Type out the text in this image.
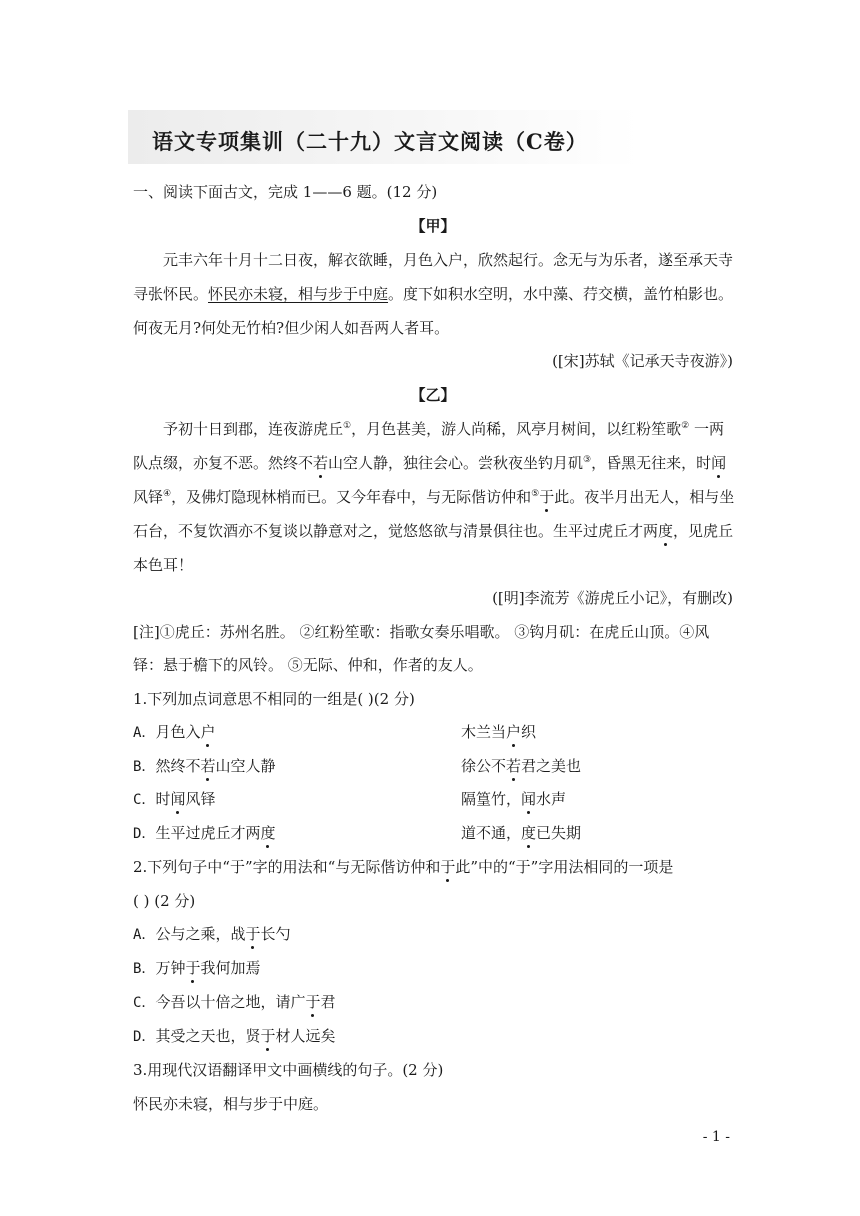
语文专项集训（二十九）文言文阅读（C卷）
一、阅读下面古文，完成 1——6 题。(12 分)
【甲】
元丰六年十月十二日夜，解衣欲睡，月色入户，欣然起行。念无与为乐者，遂至承天寺
寻张怀民。怀民亦未寝，相与步于中庭。度下如积水空明，水中藻、荇交横，盖竹柏影也。
何夜无月?何处无竹柏?但少闲人如吾两人者耳。
([宋]苏轼《记承天寺夜游》)
【乙】
予初十日到郡，连夜游虎丘①，月色甚美，游人尚稀，风亭月树间，以红粉笙歌② 一两
队点缀，亦复不恶。然终不若山空人静，独往会心。尝秋夜坐钓月矶③，昏黑无往来，时闻
风铎④，及佛灯隐现林梢而已。又今年春中，与无际偕访仲和⑤于此。夜半月出无人，相与坐
石台，不复饮酒亦不复谈以静意对之，觉悠悠欲与清景俱往也。生平过虎丘才两度，见虎丘
本色耳！
([明]李流芳《游虎丘小记》，有删改)
[注]①虎丘：苏州名胜。 ②红粉笙歌：指歌女奏乐唱歌。 ③钩月矶：在虎丘山顶。④风
铎：悬于檐下的风铃。 ⑤无际、仲和，作者的友人。
1.下列加点词意思不相同的一组是( )(2 分)
A．月色入户	木兰当户织
B．然终不若山空人静	徐公不若君之美也
C．时闻风铎	隔篁竹，闻水声
D．生平过虎丘才两度	道不通，度已失期
2.下列句子中“于”字的用法和“与无际偕访仲和于此”中的“于”字用法相同的一项是
( ) (2 分)
A．公与之乘，战于长勺
B．万钟于我何加焉
C．今吾以十倍之地，请广于君
D．其受之天也，贤于材人远矣
3.用现代汉语翻译甲文中画横线的句子。(2 分)
怀民亦未寝，相与步于中庭。
- 1 -
